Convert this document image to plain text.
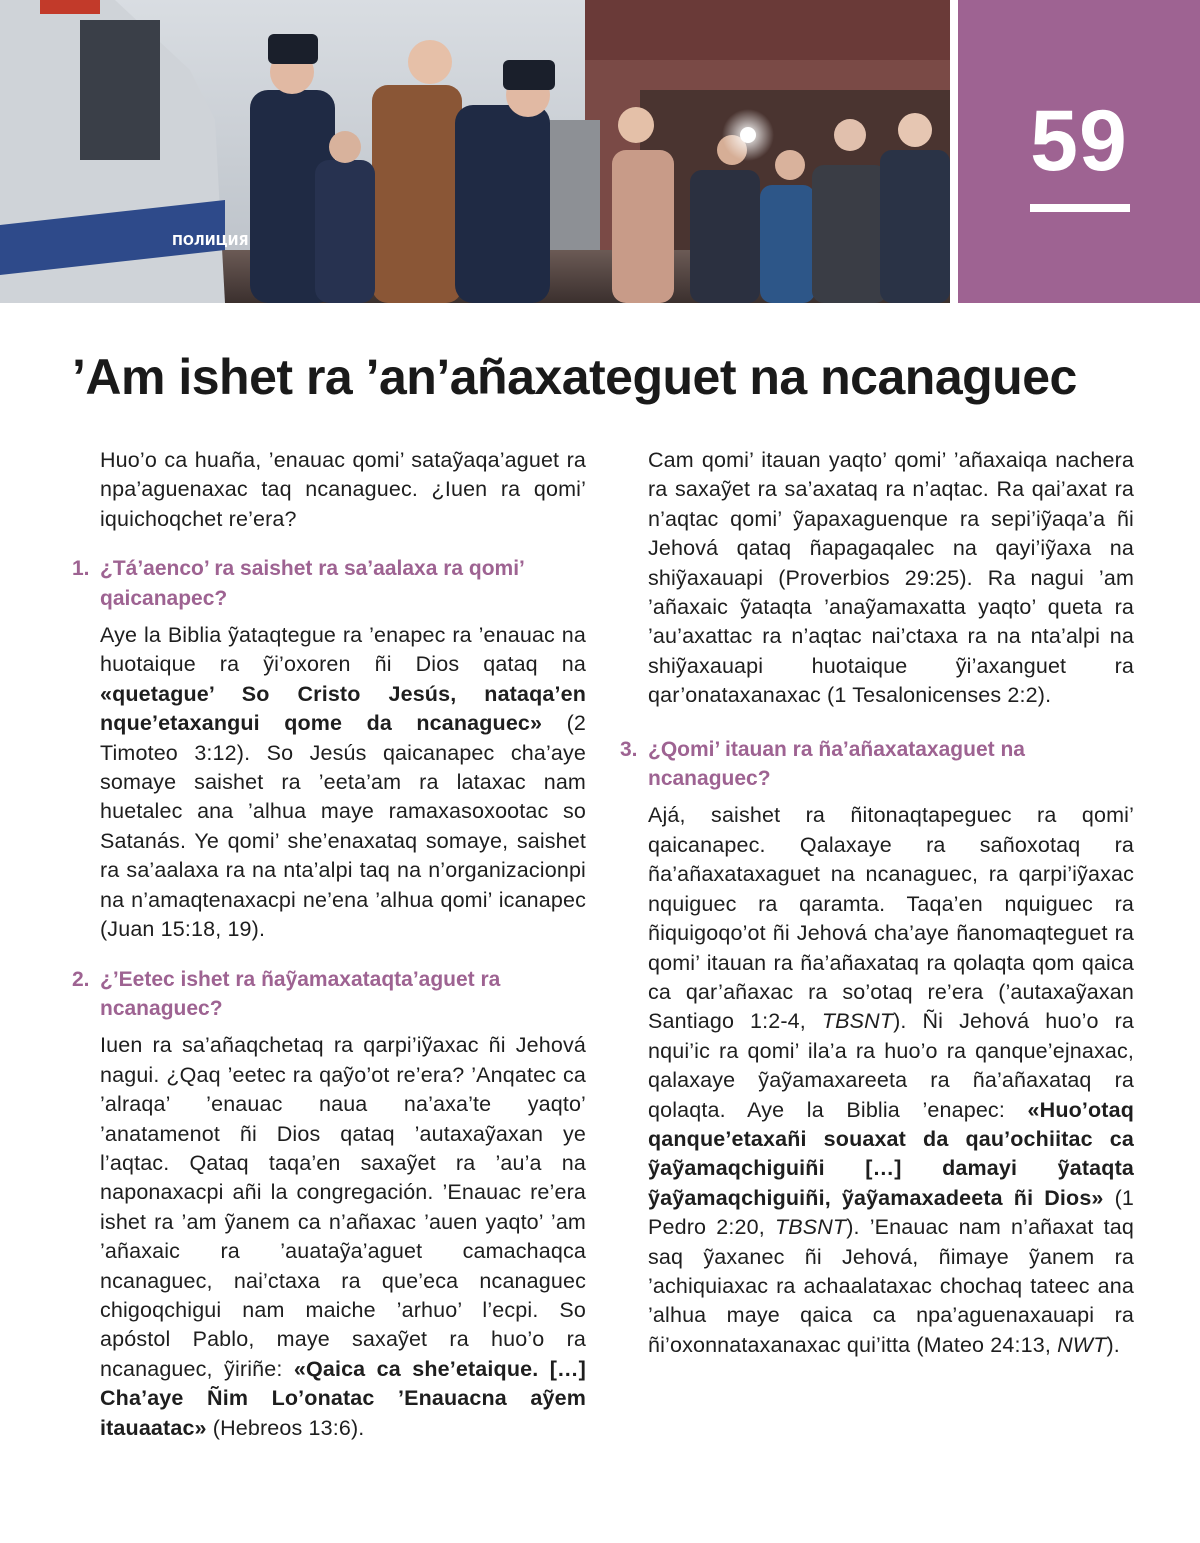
ПОЛИЦИЯ
59
’Am ishet ra ’an’añaxateguet na ncanaguec

Huo’o ca huaña, ’enauac qomi’ sataỹaqa’aguet ra npa’aguenaxac taq ncanaguec. ¿Iuen ra qomi’ iquichoqchet re’era?

1. ¿Tá’aenco’ ra saishet ra sa’aalaxa ra qomi’ qaicanapec?

Aye la Biblia ỹataqtegue ra ’enapec ra ’enauac na huotaique ra ỹi’oxoren ñi Dios qataq na «quetague’ So Cristo Jesús, nataqa’en nque’etaxangui qome da ncanaguec» (2 Timoteo 3:12). So Jesús qaicanapec cha’aye somaye saishet ra ’eeta’am ra lataxac nam huetalec ana ’alhua maye ramaxasoxootac so Satanás. Ye qomi’ she’enaxataq somaye, saishet ra sa’aalaxa ra na nta’alpi taq na n’organizacionpi na n’amaqtenaxacpi ne’ena ’alhua qomi’ icanapec (Juan 15:18, 19).

2. ¿’Eetec ishet ra ñaỹamaxataqta’aguet ra ncanaguec?

Iuen ra sa’añaqchetaq ra qarpi’iỹaxac ñi Jehová nagui. ¿Qaq ’eetec ra qaỹo’ot re’era? ’Anqatec ca ’alraqa’ ’enauac naua na’axa’te yaqto’ ’anatamenot ñi Dios qataq ’autaxaỹaxan ye l’aqtac. Qataq taqa’en saxaỹet ra ’au’a na naponaxacpi añi la congregación. ’Enauac re’era ishet ra ’am ỹanem ca n’añaxac ’auen yaqto’ ’am ’añaxaic ra ’auataỹa’aguet camachaqca ncanaguec, nai’ctaxa ra que’eca ncanaguec chigoqchigui nam maiche ’arhuo’ l’ecpi. So apóstol Pablo, maye saxaỹet ra huo’o ra ncanaguec, ỹiriñe: «Qaica ca she’etaique. […] Cha’aye Ñim Lo’onatac ’Enauacna aỹem itauaatac» (Hebreos 13:6).

Cam qomi’ itauan yaqto’ qomi’ ’añaxaiqa nachera ra saxaỹet ra sa’axataq ra n’aqtac. Ra qai’axat ra n’aqtac qomi’ ỹapaxaguenque ra sepi’iỹaqa’a ñi Jehová qataq ñapagaqalec na qayi’iỹaxa na shiỹaxauapi (Proverbios 29:25). Ra nagui ’am ’añaxaic ỹataqta ’anaỹamaxatta yaqto’ queta ra ’au’axattac ra n’aqtac nai’ctaxa ra na nta’alpi na shiỹaxauapi huotaique ỹi’axanguet ra qar’onataxanaxac (1 Tesalonicenses 2:2).

3. ¿Qomi’ itauan ra ña’añaxataxaguet na ncanaguec?

Ajá, saishet ra ñitonaqtapeguec ra qomi’ qaicanapec. Qalaxaye ra sañoxotaq ra ña’añaxataxaguet na ncanaguec, ra qarpi’iỹaxac nquiguec ra qaramta. Taqa’en nquiguec ra ñiquigoqo’ot ñi Jehová cha’aye ñanomaqteguet ra qomi’ itauan ra ña’añaxataq ra qolaqta qom qaica ca qar’añaxac ra so’otaq re’era (’autaxaỹaxan Santiago 1:2-4, TBSNT). Ñi Jehová huo’o ra nqui’ic ra qomi’ ila’a ra huo’o ra qanque’ejnaxac, qalaxaye ỹaỹamaxareeta ra ña’añaxataq ra qolaqta. Aye la Biblia ’enapec: «Huo’otaq qanque’etaxañi souaxat da qau’ochiitac ca ỹaỹamaqchiguiñi […] damayi ỹataqta ỹaỹamaqchiguiñi, ỹaỹamaxadeeta ñi Dios» (1 Pedro 2:20, TBSNT). ’Enauac nam n’añaxat taq saq ỹaxanec ñi Jehová, ñimaye ỹanem ra ’achiquiaxac ra achaalataxac chochaq tateec ana ’alhua maye qaica ca npa’aguenaxauapi ra ñi’oxonnataxanaxac qui’itta (Mateo 24:13, NWT).
